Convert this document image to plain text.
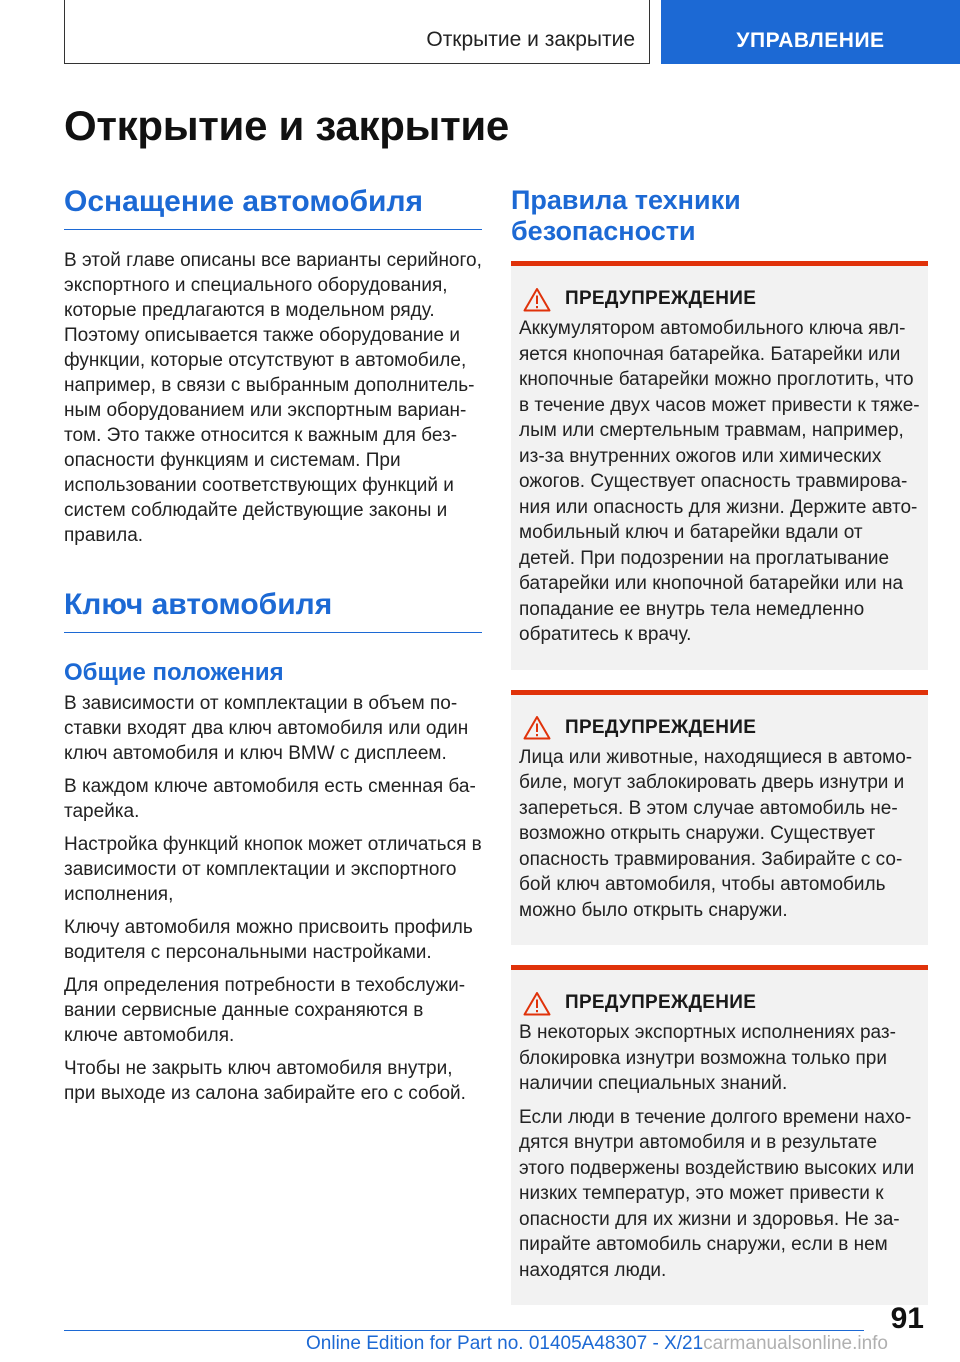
Открытие и закрытие	УПРАВЛЕНИЕ
Открытие и закрытие
Оснащение автомобиля

В этой главе описаны все варианты серийного, экспортного и специального оборудования, которые предлагаются в модельном ряду. Поэтому описывается также оборудование и функции, которые отсутствуют в автомобиле, например, в связи с выбранным дополнительным оборудованием или экспортным вариантом. Это также относится к важным для безопасности функциям и системам. При использовании соответствующих функций и систем соблюдайте действующие законы и правила.

Ключ автомобиля
Общие положения

В зависимости от комплектации в объем поставки входят два ключ автомобиля или один ключ автомобиля и ключ BMW с дисплеем.

В каждом ключе автомобиля есть сменная батарейка.

Настройка функций кнопок может отличаться в зависимости от комплектации и экспортного исполнения,

Ключу автомобиля можно присвоить профиль водителя с персональными настройками.

Для определения потребности в техобслуживании сервисные данные сохраняются в ключе автомобиля.

Чтобы не закрыть ключ автомобиля внутри, при выходе из салона забирайте его с собой.

Правила техники безопасности
ПРЕДУПРЕЖДЕНИЕ

Аккумулятором автомобильного ключа является кнопочная батарейка. Батарейки или кнопочные батарейки можно проглотить, что в течение двух часов может привести к тяжелым или смертельным травмам, например, из-за внутренних ожогов или химических ожогов. Существует опасность травмирования или опасность для жизни. Держите автомобильный ключ и батарейки вдали от детей. При подозрении на проглатывание батарейки или кнопочной батарейки или на попадание ее внутрь тела немедленно обратитесь к врачу.

ПРЕДУПРЕЖДЕНИЕ

Лица или животные, находящиеся в автомобиле, могут заблокировать дверь изнутри и запереться. В этом случае автомобиль невозможно открыть снаружи. Существует опасность травмирования. Забирайте с собой ключ автомобиля, чтобы автомобиль можно было открыть снаружи.

ПРЕДУПРЕЖДЕНИЕ

В некоторых экспортных исполнениях разблокировка изнутри возможна только при наличии специальных знаний.

Если люди в течение долгого времени находятся внутри автомобиля и в результате этого подвержены воздействию высоких или низких температур, это может привести к опасности для их жизни и здоровья. Не запирайте автомобиль снаружи, если в нем находятся люди.

91
Online Edition for Part no. 01405A48307 - X/21carmanualsonline.info
